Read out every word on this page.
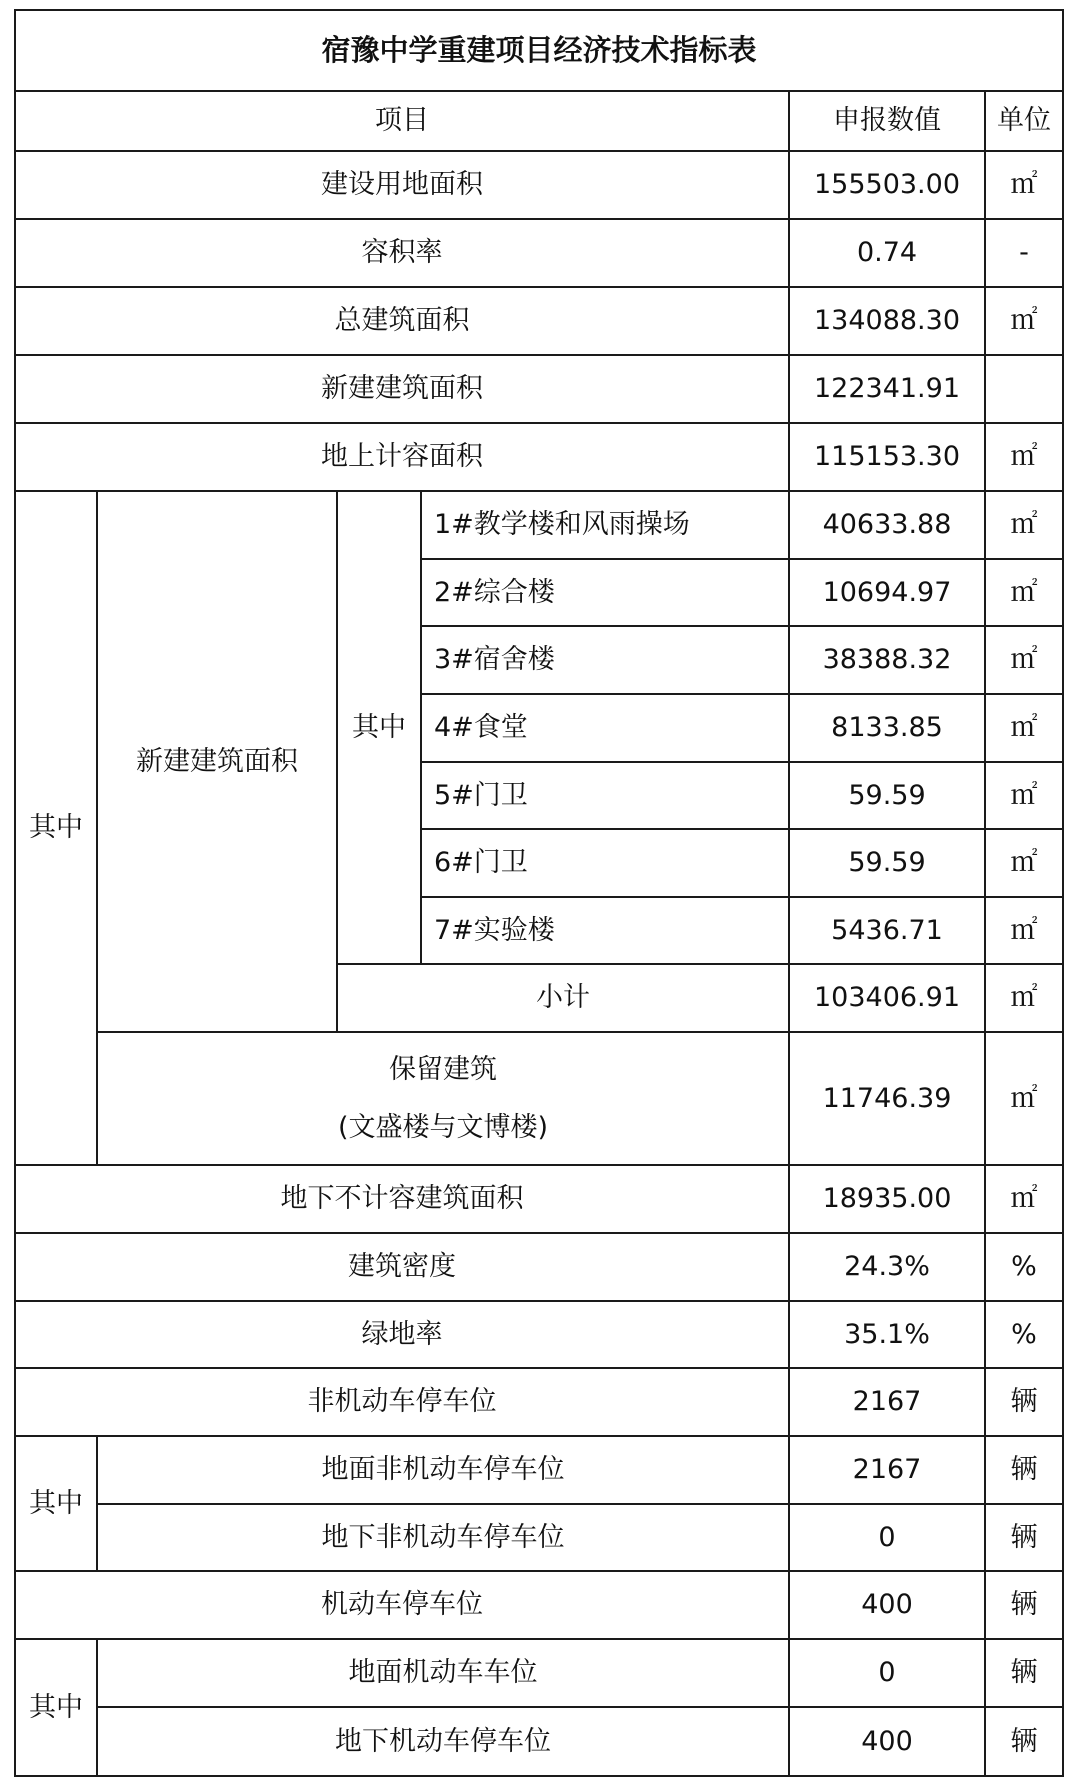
宿豫中学重建项目经济技术指标表
项目	申报数值	单位
建设用地面积	155503.00	㎡
容积率	0.74	-
总建筑面积	134088.30	㎡
新建建筑面积	122341.91
地上计容面积	115153.30	㎡
其中
新建建筑面积
其中
1#教学楼和风雨操场	40633.88	㎡
2#综合楼	10694.97	㎡
3#宿舍楼	38388.32	㎡
4#食堂	8133.85	㎡
5#门卫	59.59	㎡
6#门卫	59.59	㎡
7#实验楼	5436.71	㎡
小计	103406.91	㎡
保留建筑
(文盛楼与文博楼)
11746.39	㎡
地下不计容建筑面积	18935.00	㎡
建筑密度	24.3%	%
绿地率	35.1%	%
非机动车停车位	2167	辆
其中
地面非机动车停车位	2167	辆
地下非机动车停车位	0	辆
机动车停车位	400	辆
其中
地面机动车车位	0	辆
地下机动车停车位	400	辆
